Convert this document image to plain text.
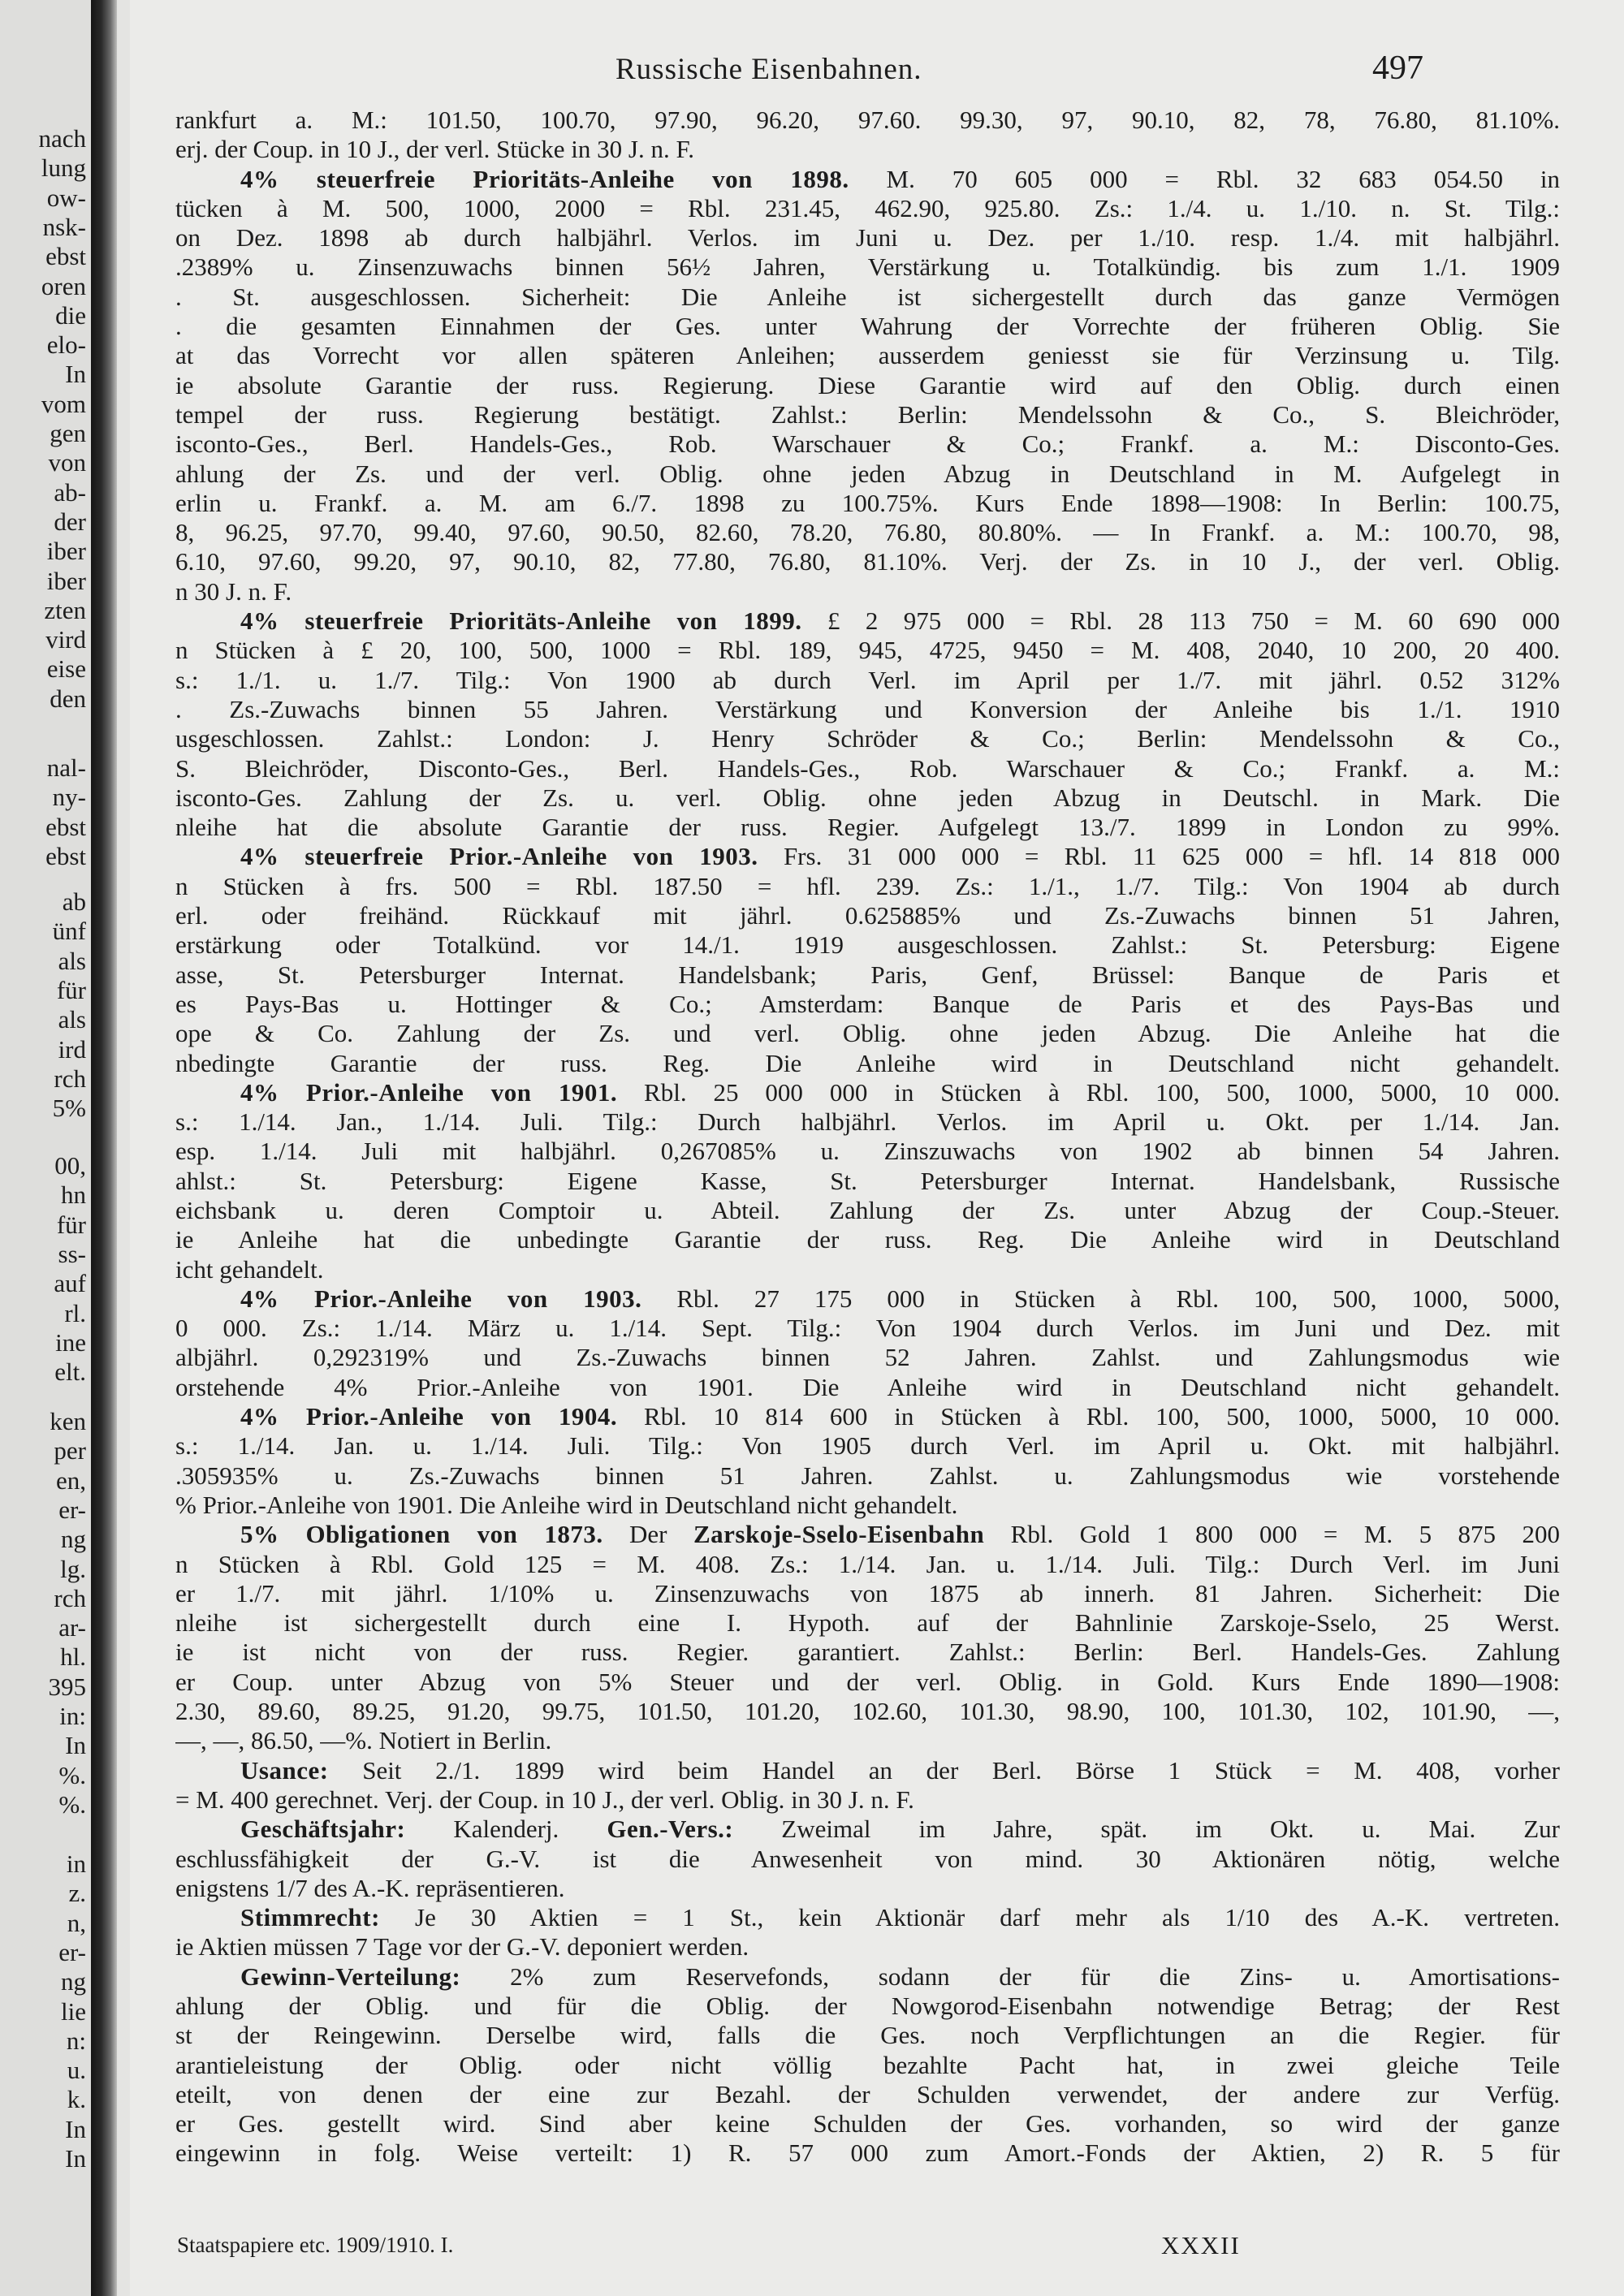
nach
lung
ow-
nsk-
ebst
oren
die
elo-
In
vom
gen
von
ab-
der
iber
iber
zten
vird
eise
den
nal-
ny-
ebst
ebst
ab
ünf
als
für
als
ird
rch
5%
00,
hn
für
ss-
auf
rl.
ine
elt.
ken
per
en,
er-
ng
lg.
rch
ar-
hl.
395
in:
In
%.
%.
in
z.
n,
er-
ng
lie
n:
u.
k.
In
In
Russische Eisenbahnen.	497
rankfurt a. M.: 101.50, 100.70, 97.90, 96.20, 97.60. 99.30, 97, 90.10, 82, 78, 76.80, 81.10%.
erj. der Coup. in 10 J., der verl. Stücke in 30 J. n. F.
4% steuerfreie Prioritäts-Anleihe von 1898. M. 70 605 000 = Rbl. 32 683 054.50 in
tücken à M. 500, 1000, 2000 = Rbl. 231.45, 462.90, 925.80. Zs.: 1./4. u. 1./10. n. St. Tilg.:
on Dez. 1898 ab durch halbjährl. Verlos. im Juni u. Dez. per 1./10. resp. 1./4. mit halbjährl.
.2389% u. Zinsenzuwachs binnen 56½ Jahren, Verstärkung u. Totalkündig. bis zum 1./1. 1909
. St. ausgeschlossen. Sicherheit: Die Anleihe ist sichergestellt durch das ganze Vermögen
. die gesamten Einnahmen der Ges. unter Wahrung der Vorrechte der früheren Oblig. Sie
at das Vorrecht vor allen späteren Anleihen; ausserdem geniesst sie für Verzinsung u. Tilg.
ie absolute Garantie der russ. Regierung. Diese Garantie wird auf den Oblig. durch einen
tempel der russ. Regierung bestätigt. Zahlst.: Berlin: Mendelssohn & Co., S. Bleichröder,
isconto-Ges., Berl. Handels-Ges., Rob. Warschauer & Co.; Frankf. a. M.: Disconto-Ges.
ahlung der Zs. und der verl. Oblig. ohne jeden Abzug in Deutschland in M. Aufgelegt in
erlin u. Frankf. a. M. am 6./7. 1898 zu 100.75%. Kurs Ende 1898—1908: In Berlin: 100.75,
8, 96.25, 97.70, 99.40, 97.60, 90.50, 82.60, 78.20, 76.80, 80.80%. — In Frankf. a. M.: 100.70, 98,
6.10, 97.60, 99.20, 97, 90.10, 82, 77.80, 76.80, 81.10%. Verj. der Zs. in 10 J., der verl. Oblig.
n 30 J. n. F.
4% steuerfreie Prioritäts-Anleihe von 1899. £ 2 975 000 = Rbl. 28 113 750 = M. 60 690 000
n Stücken à £ 20, 100, 500, 1000 = Rbl. 189, 945, 4725, 9450 = M. 408, 2040, 10 200, 20 400.
s.: 1./1. u. 1./7. Tilg.: Von 1900 ab durch Verl. im April per 1./7. mit jährl. 0.52 312%
. Zs.-Zuwachs binnen 55 Jahren. Verstärkung und Konversion der Anleihe bis 1./1. 1910
usgeschlossen. Zahlst.: London: J. Henry Schröder & Co.; Berlin: Mendelssohn & Co.,
S. Bleichröder, Disconto-Ges., Berl. Handels-Ges., Rob. Warschauer & Co.; Frankf. a. M.:
isconto-Ges. Zahlung der Zs. u. verl. Oblig. ohne jeden Abzug in Deutschl. in Mark. Die
nleihe hat die absolute Garantie der russ. Regier. Aufgelegt 13./7. 1899 in London zu 99%.
4% steuerfreie Prior.-Anleihe von 1903. Frs. 31 000 000 = Rbl. 11 625 000 = hfl. 14 818 000
n Stücken à frs. 500 = Rbl. 187.50 = hfl. 239. Zs.: 1./1., 1./7. Tilg.: Von 1904 ab durch
erl. oder freihänd. Rückkauf mit jährl. 0.625885% und Zs.-Zuwachs binnen 51 Jahren,
erstärkung oder Totalkünd. vor 14./1. 1919 ausgeschlossen. Zahlst.: St. Petersburg: Eigene
asse, St. Petersburger Internat. Handelsbank; Paris, Genf, Brüssel: Banque de Paris et
es Pays-Bas u. Hottinger & Co.; Amsterdam: Banque de Paris et des Pays-Bas und
ope & Co. Zahlung der Zs. und verl. Oblig. ohne jeden Abzug. Die Anleihe hat die
nbedingte Garantie der russ. Reg. Die Anleihe wird in Deutschland nicht gehandelt.
4% Prior.-Anleihe von 1901. Rbl. 25 000 000 in Stücken à Rbl. 100, 500, 1000, 5000, 10 000.
s.: 1./14. Jan., 1./14. Juli. Tilg.: Durch halbjährl. Verlos. im April u. Okt. per 1./14. Jan.
esp. 1./14. Juli mit halbjährl. 0,267085% u. Zinszuwachs von 1902 ab binnen 54 Jahren.
ahlst.: St. Petersburg: Eigene Kasse, St. Petersburger Internat. Handelsbank, Russische
eichsbank u. deren Comptoir u. Abteil. Zahlung der Zs. unter Abzug der Coup.-Steuer.
ie Anleihe hat die unbedingte Garantie der russ. Reg. Die Anleihe wird in Deutschland
icht gehandelt.
4% Prior.-Anleihe von 1903. Rbl. 27 175 000 in Stücken à Rbl. 100, 500, 1000, 5000,
0 000. Zs.: 1./14. März u. 1./14. Sept. Tilg.: Von 1904 durch Verlos. im Juni und Dez. mit
albjährl. 0,292319% und Zs.-Zuwachs binnen 52 Jahren. Zahlst. und Zahlungsmodus wie
orstehende 4% Prior.-Anleihe von 1901. Die Anleihe wird in Deutschland nicht gehandelt.
4% Prior.-Anleihe von 1904. Rbl. 10 814 600 in Stücken à Rbl. 100, 500, 1000, 5000, 10 000.
s.: 1./14. Jan. u. 1./14. Juli. Tilg.: Von 1905 durch Verl. im April u. Okt. mit halbjährl.
.305935% u. Zs.-Zuwachs binnen 51 Jahren. Zahlst. u. Zahlungsmodus wie vorstehende
% Prior.-Anleihe von 1901. Die Anleihe wird in Deutschland nicht gehandelt.
5% Obligationen von 1873. Der Zarskoje-Sselo-Eisenbahn Rbl. Gold 1 800 000 = M. 5 875 200
n Stücken à Rbl. Gold 125 = M. 408. Zs.: 1./14. Jan. u. 1./14. Juli. Tilg.: Durch Verl. im Juni
er 1./7. mit jährl. 1/10% u. Zinsenzuwachs von 1875 ab innerh. 81 Jahren. Sicherheit: Die
nleihe ist sichergestellt durch eine I. Hypoth. auf der Bahnlinie Zarskoje-Sselo, 25 Werst.
ie ist nicht von der russ. Regier. garantiert. Zahlst.: Berlin: Berl. Handels-Ges. Zahlung
er Coup. unter Abzug von 5% Steuer und der verl. Oblig. in Gold. Kurs Ende 1890—1908:
2.30, 89.60, 89.25, 91.20, 99.75, 101.50, 101.20, 102.60, 101.30, 98.90, 100, 101.30, 102, 101.90, —,
—, —, 86.50, —%. Notiert in Berlin.
Usance: Seit 2./1. 1899 wird beim Handel an der Berl. Börse 1 Stück = M. 408, vorher
= M. 400 gerechnet. Verj. der Coup. in 10 J., der verl. Oblig. in 30 J. n. F.
Geschäftsjahr: Kalenderj. Gen.-Vers.: Zweimal im Jahre, spät. im Okt. u. Mai. Zur
eschlussfähigkeit der G.-V. ist die Anwesenheit von mind. 30 Aktionären nötig, welche
enigstens 1/7 des A.-K. repräsentieren.
Stimmrecht: Je 30 Aktien = 1 St., kein Aktionär darf mehr als 1/10 des A.-K. vertreten.
ie Aktien müssen 7 Tage vor der G.-V. deponiert werden.
Gewinn-Verteilung: 2% zum Reservefonds, sodann der für die Zins- u. Amortisations-
ahlung der Oblig. und für die Oblig. der Nowgorod-Eisenbahn notwendige Betrag; der Rest
st der Reingewinn. Derselbe wird, falls die Ges. noch Verpflichtungen an die Regier. für
arantieleistung der Oblig. oder nicht völlig bezahlte Pacht hat, in zwei gleiche Teile
eteilt, von denen der eine zur Bezahl. der Schulden verwendet, der andere zur Verfüg.
er Ges. gestellt wird. Sind aber keine Schulden der Ges. vorhanden, so wird der ganze
eingewinn in folg. Weise verteilt: 1) R. 57 000 zum Amort.-Fonds der Aktien, 2) R. 5 für
Staatspapiere etc. 1909/1910. I.	XXXII
